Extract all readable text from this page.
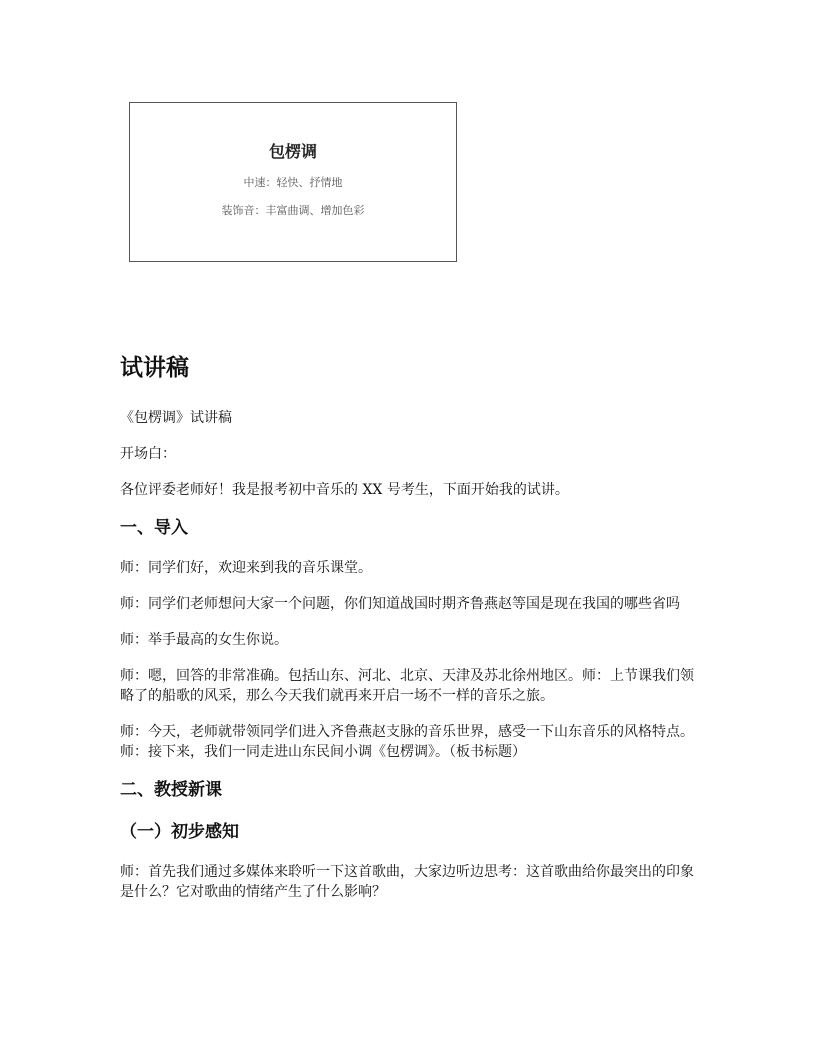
包楞调
中速：轻快、抒情地
装饰音：丰富曲调、增加色彩
试讲稿
《包楞调》试讲稿
开场白：
各位评委老师好！我是报考初中音乐的 XX 号考生，下面开始我的试讲。
一、导入
师：同学们好，欢迎来到我的音乐课堂。
师：同学们老师想问大家一个问题，你们知道战国时期齐鲁燕赵等国是现在我国的哪些省吗
师：举手最高的女生你说。
师：嗯，回答的非常准确。包括山东、河北、北京、天津及苏北徐州地区。师：上节课我们领略了的船歌的风采，那么今天我们就再来开启一场不一样的音乐之旅。
师：今天，老师就带领同学们进入齐鲁燕赵支脉的音乐世界，感受一下山东音乐的风格特点。师：接下来，我们一同走进山东民间小调《包楞调》。（板书标题）
二、教授新课
（一）初步感知
师：首先我们通过多媒体来聆听一下这首歌曲，大家边听边思考：这首歌曲给你最突出的印象是什么？它对歌曲的情绪产生了什么影响？
